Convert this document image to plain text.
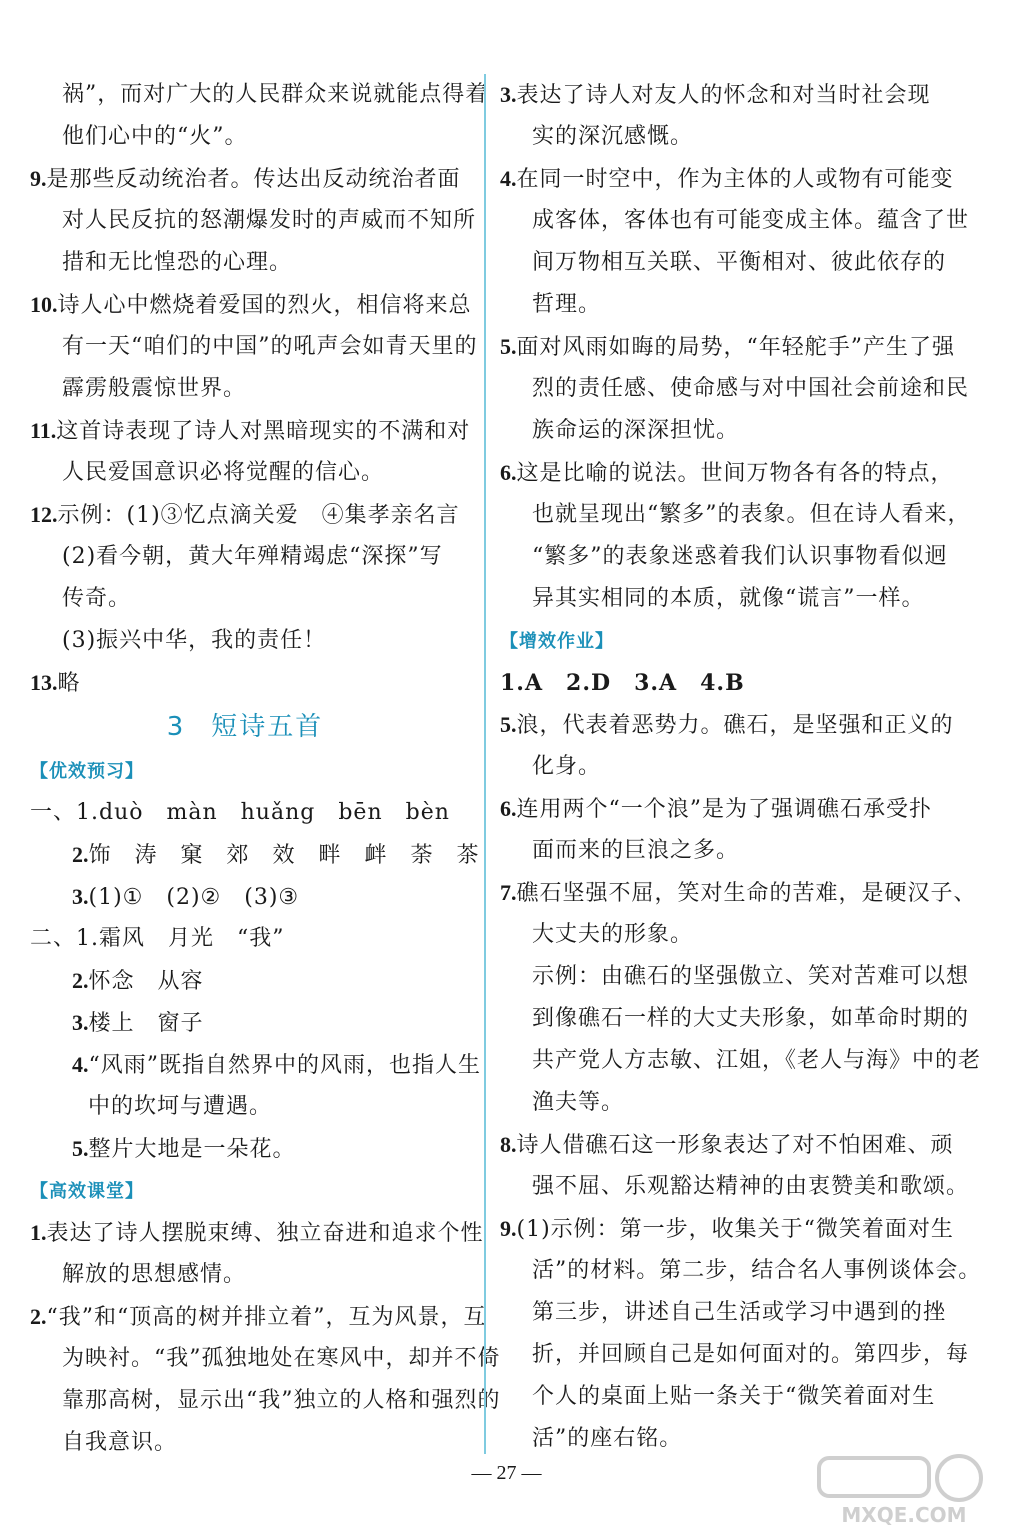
祸”，而对广大的人民群众来说就能点得着
他们心中的“火”。
9.是那些反动统治者。传达出反动统治者面
对人民反抗的怒潮爆发时的声威而不知所
措和无比惶恐的心理。
10.诗人心中燃烧着爱国的烈火，相信将来总
有一天“咱们的中国”的吼声会如青天里的
霹雳般震惊世界。
11.这首诗表现了诗人对黑暗现实的不满和对
人民爱国意识必将觉醒的信心。
12.示例：(1)③忆点滴关爱　④集孝亲名言
(2)看今朝，黄大年殚精竭虑“深探”写
传奇。
(3)振兴中华，我的责任！
13.略
3 短诗五首
【优效预习】
一、1.duò　màn　huǎng　bēn　bèn
2.饰　涛　窠　郊　效　畔　衅　荼　茶
3.(1)①　(2)②　(3)③
二、1.霜风　月光　“我”
2.怀念　从容
3.楼上　窗子
4.“风雨”既指自然界中的风雨，也指人生
中的坎坷与遭遇。
5.整片大地是一朵花。
【高效课堂】
1.表达了诗人摆脱束缚、独立奋进和追求个性
解放的思想感情。
2.“我”和“顶高的树并排立着”，互为风景，互
为映衬。“我”孤独地处在寒风中，却并不倚
靠那高树，显示出“我”独立的人格和强烈的
自我意识。
3.表达了诗人对友人的怀念和对当时社会现
实的深沉感慨。
4.在同一时空中，作为主体的人或物有可能变
成客体，客体也有可能变成主体。蕴含了世
间万物相互关联、平衡相对、彼此依存的
哲理。
5.面对风雨如晦的局势，“年轻舵手”产生了强
烈的责任感、使命感与对中国社会前途和民
族命运的深深担忧。
6.这是比喻的说法。世间万物各有各的特点，
也就呈现出“繁多”的表象。但在诗人看来，
“繁多”的表象迷惑着我们认识事物看似迥
异其实相同的本质，就像“谎言”一样。
【增效作业】
1.A　2.D　3.A　4.B
5.浪，代表着恶势力。礁石，是坚强和正义的
化身。
6.连用两个“一个浪”是为了强调礁石承受扑
面而来的巨浪之多。
7.礁石坚强不屈，笑对生命的苦难，是硬汉子、
大丈夫的形象。
示例：由礁石的坚强傲立、笑对苦难可以想
到像礁石一样的大丈夫形象，如革命时期的
共产党人方志敏、江姐，《老人与海》中的老
渔夫等。
8.诗人借礁石这一形象表达了对不怕困难、顽
强不屈、乐观豁达精神的由衷赞美和歌颂。
9.(1)示例：第一步，收集关于“微笑着面对生
活”的材料。第二步，结合名人事例谈体会。
第三步，讲述自己生活或学习中遇到的挫
折，并回顾自己是如何面对的。第四步，每
个人的桌面上贴一条关于“微笑着面对生
活”的座右铭。
— 27 —
MXQE.COM
